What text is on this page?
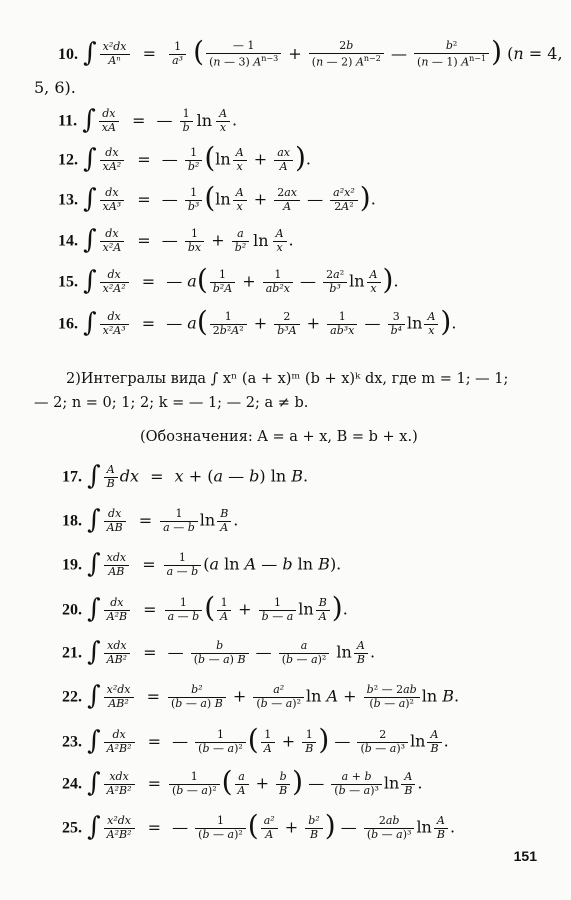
10. ∫ $\frac{\text{x²dx}}{\text{Aⁿ}} = \frac{1}{\text{a³}}$ ( $\frac{— 1}{(n — 3) A^{n-3}} + \frac{2b}{(n — 2) A^{n-2}}$ — $\frac{\text{b²}}{(n — 1) A^{n-1}}$ ) (n = 4,
5, 6).
11. ∫ $\frac{dx}{xA}$ = — $\frac{1}{b}$ $\ln \frac{A}{x}$ .
12. ∫ $\frac{dx}{\text{xA²}}$ = — $\frac{1}{\text{b²}} (\ln \frac{A}{x} + \frac{ax}{A}$ ).
13. ∫ $\frac{dx}{\text{xA³}}$ = — $\frac{1}{\text{b³}} (\ln \frac{A}{x} + \frac{2ax}{A}$ — $\frac{\text{a²x²}}{\text{2A²}}$ ).
14. ∫ $\frac{dx}{\text{x²A}}$ = — $\frac{1}{bx} + \frac{a}{\text{b²}}$ $\ln \frac{A}{x}$ .
15. ∫ $\frac{dx}{\text{x²A²}}$ = — $a( \frac{1}{\text{b²A}} + \frac{1}{\text{ab²x}}$ — $\frac{\text{2a²}}{\text{b³}}$ $\ln \frac{A}{x}$ ).
16. ∫ $\frac{dx}{\text{x²A³}}$ = — $a( \frac{1}{\text{2b²A²}} + \frac{2}{\text{b³A}} + \frac{1}{\text{ab³x}}$ — $\frac{3}{\text{b⁴}}$ $\ln \frac{A}{x}$ ).
2)Интегралы вида ∫ xⁿ (a + x)ᵐ (b + x)ᵏ dx, где m = 1; — 1;
— 2; n = 0; 1; 2; k = — 1; — 2; a ≠ b.
(Обозначения: A = a + x, B = b + x.)
17. ∫ $\frac{A}{B}$ dx = x + (a — b) ln B.
18. ∫ $\frac{dx}{AB} = \frac{1}{a — b}$ $\ln \frac{B}{A}$ .
19. ∫ $\frac{\text{xdx}}{AB} = \frac{1}{a — b} (a$ ln A — b ln B).
20. ∫ $\frac{dx}{\text{A²B}} = \frac{1}{a — b}$ ( $\frac{1}{A} + \frac{1}{b — a}$ $\ln \frac{B}{A}$ ).
21. ∫ $\frac{\text{xdx}}{\text{AB²}}$ = — $\frac{b}{(b — a) B}$ — $\frac{a}{\text{(b — a)²}}$ $\ln \frac{A}{B}$ .
22. ∫ $\frac{\text{x²dx}}{\text{AB²}} = \frac{\text{b²}}{(b — a) B} + \frac{\text{a²}}{\text{(b — a)²}}$ $\ln A + \frac{\text{b² — 2ab}}{\text{(b — a)²}}$ ln B.
23. ∫ $\frac{dx}{\text{A²B²}}$ = — $\frac{1}{\text{(b — a)²}}$ ( $\frac{1}{A} + \frac{1}{B}$ ) — $\frac{2}{\text{(b — a)³}}$ $\ln \frac{A}{B}$ .
24. ∫ $\frac{\text{xdx}}{\text{A²B²}} = \frac{1}{\text{(b — a)²}}$ ( $\frac{a}{A} + \frac{b}{B}$ ) — $\frac{a + b}{\text{(b — a)³}}$ $\ln \frac{A}{B}$ .
25. ∫ $\frac{\text{x²dx}}{\text{A²B²}}$ = — $\frac{1}{\text{(b — a)²}}$ ( $\frac{\text{a²}}{A} + \frac{\text{b²}}{B}$ ) — $\frac{2ab}{\text{(b — a)³}}$ $\ln \frac{A}{B}$ .
151
